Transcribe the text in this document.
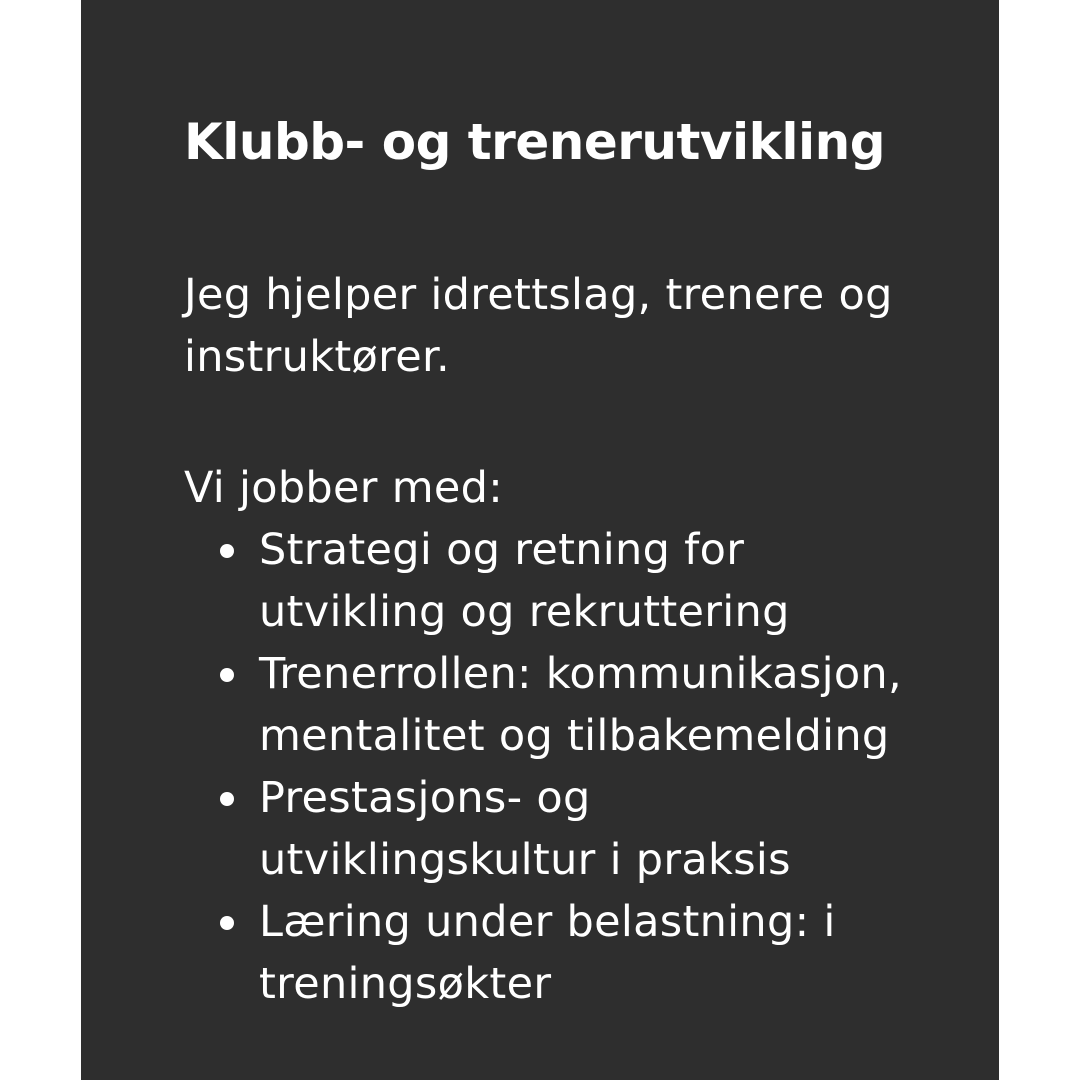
Klubb- og trenerutvikling

Jeg hjelper idrettslag, trenere og instruktører.

Vi jobber med:

Strategi og retning for utvikling og rekruttering
Trenerrollen: kommunikasjon, mentalitet og tilbakemelding
Prestasjons- og utviklingskultur i praksis
Læring under belastning: i treningsøkter
